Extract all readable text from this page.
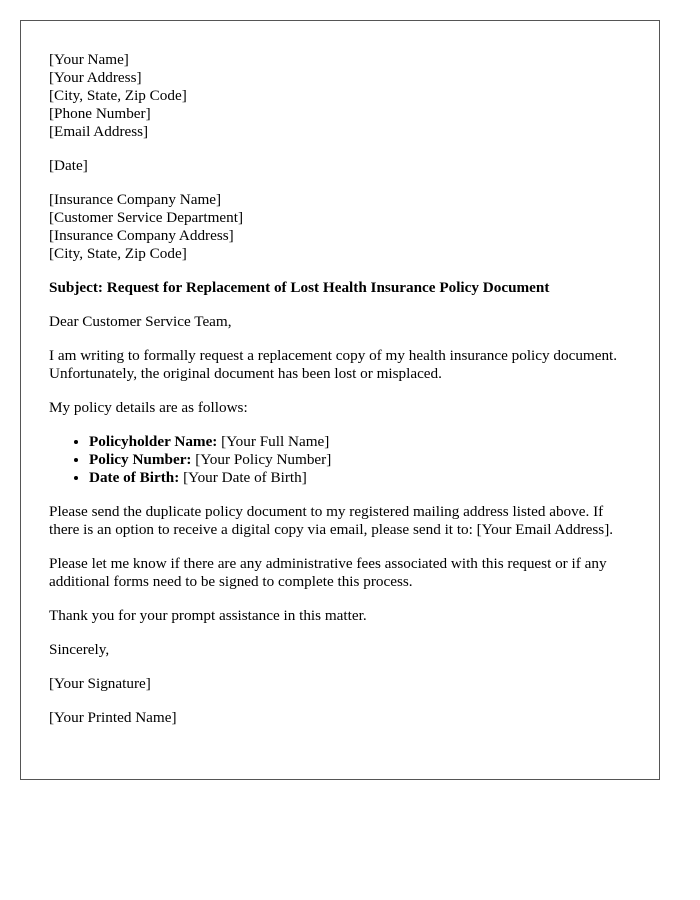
[Your Name]
[Your Address]
[City, State, Zip Code]
[Phone Number]
[Email Address]
[Date]
[Insurance Company Name]
[Customer Service Department]
[Insurance Company Address]
[City, State, Zip Code]
Subject: Request for Replacement of Lost Health Insurance Policy Document
Dear Customer Service Team,
I am writing to formally request a replacement copy of my health insurance policy document. Unfortunately, the original document has been lost or misplaced.
My policy details are as follows:
• Policyholder Name: [Your Full Name]
• Policy Number: [Your Policy Number]
• Date of Birth: [Your Date of Birth]
Please send the duplicate policy document to my registered mailing address listed above. If there is an option to receive a digital copy via email, please send it to: [Your Email Address].
Please let me know if there are any administrative fees associated with this request or if any additional forms need to be signed to complete this process.
Thank you for your prompt assistance in this matter.
Sincerely,
[Your Signature]
[Your Printed Name]
